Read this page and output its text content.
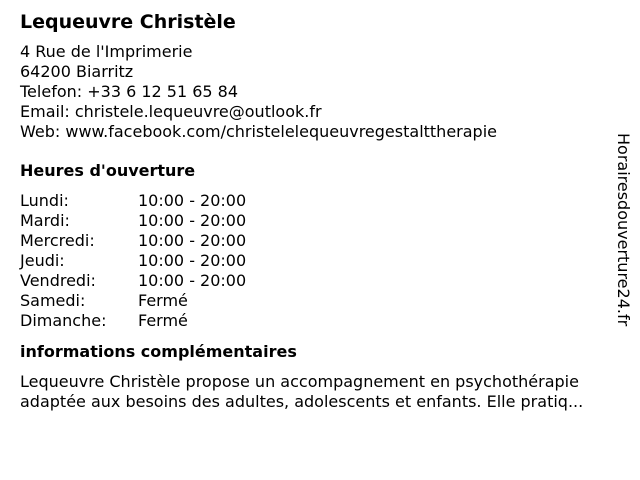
Lequeuvre Christèle
4 Rue de l'Imprimerie
64200 Biarritz
Telefon: +33 6 12 51 65 84
Email: christele.lequeuvre@outlook.fr
Web: www.facebook.com/christelelequeuvregestalttherapie
Heures d'ouverture
Lundi:	10:00 - 20:00
Mardi:	10:00 - 20:00
Mercredi:	10:00 - 20:00
Jeudi:	10:00 - 20:00
Vendredi:	10:00 - 20:00
Samedi:	Fermé
Dimanche:	Fermé
informations complémentaires

Lequeuvre Christèle propose un accompagnement en psychothérapie adaptée aux besoins des adultes, adolescents et enfants. Elle pratiq...

Horairesdouverture24.fr
